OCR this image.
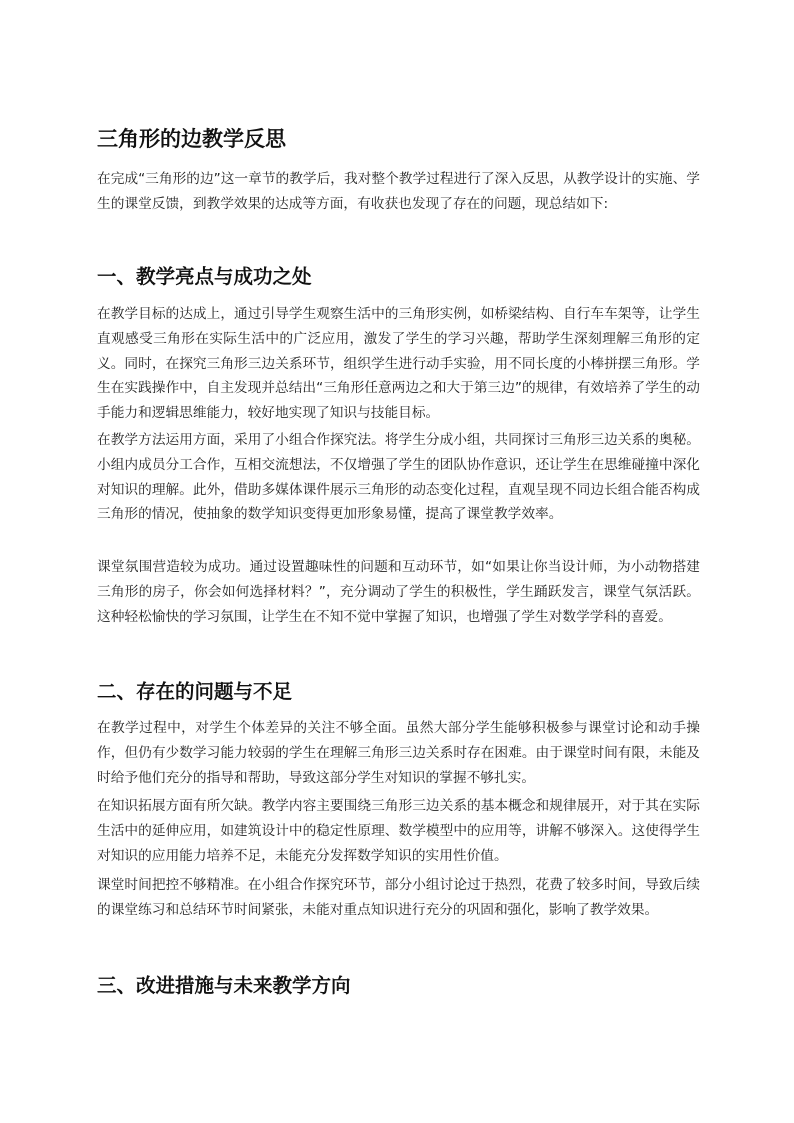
三角形的边教学反思

在完成“三角形的边”这一章节的教学后，我对整个教学过程进行了深入反思，从教学设计的实施、学生的课堂反馈，到教学效果的达成等方面，有收获也发现了存在的问题，现总结如下:

一、教学亮点与成功之处

在教学目标的达成上，通过引导学生观察生活中的三角形实例，如桥梁结构、自行车车架等，让学生直观感受三角形在实际生活中的广泛应用，激发了学生的学习兴趣，帮助学生深刻理解三角形的定义。同时，在探究三角形三边关系环节，组织学生进行动手实验，用不同长度的小棒拼摆三角形。学生在实践操作中，自主发现并总结出“三角形任意两边之和大于第三边”的规律，有效培养了学生的动手能力和逻辑思维能力，较好地实现了知识与技能目标。

在教学方法运用方面，采用了小组合作探究法。将学生分成小组，共同探讨三角形三边关系的奥秘。小组内成员分工合作，互相交流想法，不仅增强了学生的团队协作意识，还让学生在思维碰撞中深化对知识的理解。此外，借助多媒体课件展示三角形的动态变化过程，直观呈现不同边长组合能否构成三角形的情况，使抽象的数学知识变得更加形象易懂，提高了课堂教学效率。

课堂氛围营造较为成功。通过设置趣味性的问题和互动环节，如“如果让你当设计师，为小动物搭建三角形的房子，你会如何选择材料？”，充分调动了学生的积极性，学生踊跃发言，课堂气氛活跃。这种轻松愉快的学习氛围，让学生在不知不觉中掌握了知识，也增强了学生对数学学科的喜爱。

二、存在的问题与不足

在教学过程中，对学生个体差异的关注不够全面。虽然大部分学生能够积极参与课堂讨论和动手操作，但仍有少数学习能力较弱的学生在理解三角形三边关系时存在困难。由于课堂时间有限，未能及时给予他们充分的指导和帮助，导致这部分学生对知识的掌握不够扎实。

在知识拓展方面有所欠缺。教学内容主要围绕三角形三边关系的基本概念和规律展开，对于其在实际生活中的延伸应用，如建筑设计中的稳定性原理、数学模型中的应用等，讲解不够深入。这使得学生对知识的应用能力培养不足，未能充分发挥数学知识的实用性价值。

课堂时间把控不够精准。在小组合作探究环节，部分小组讨论过于热烈，花费了较多时间，导致后续的课堂练习和总结环节时间紧张，未能对重点知识进行充分的巩固和强化，影响了教学效果。

三、改进措施与未来教学方向
